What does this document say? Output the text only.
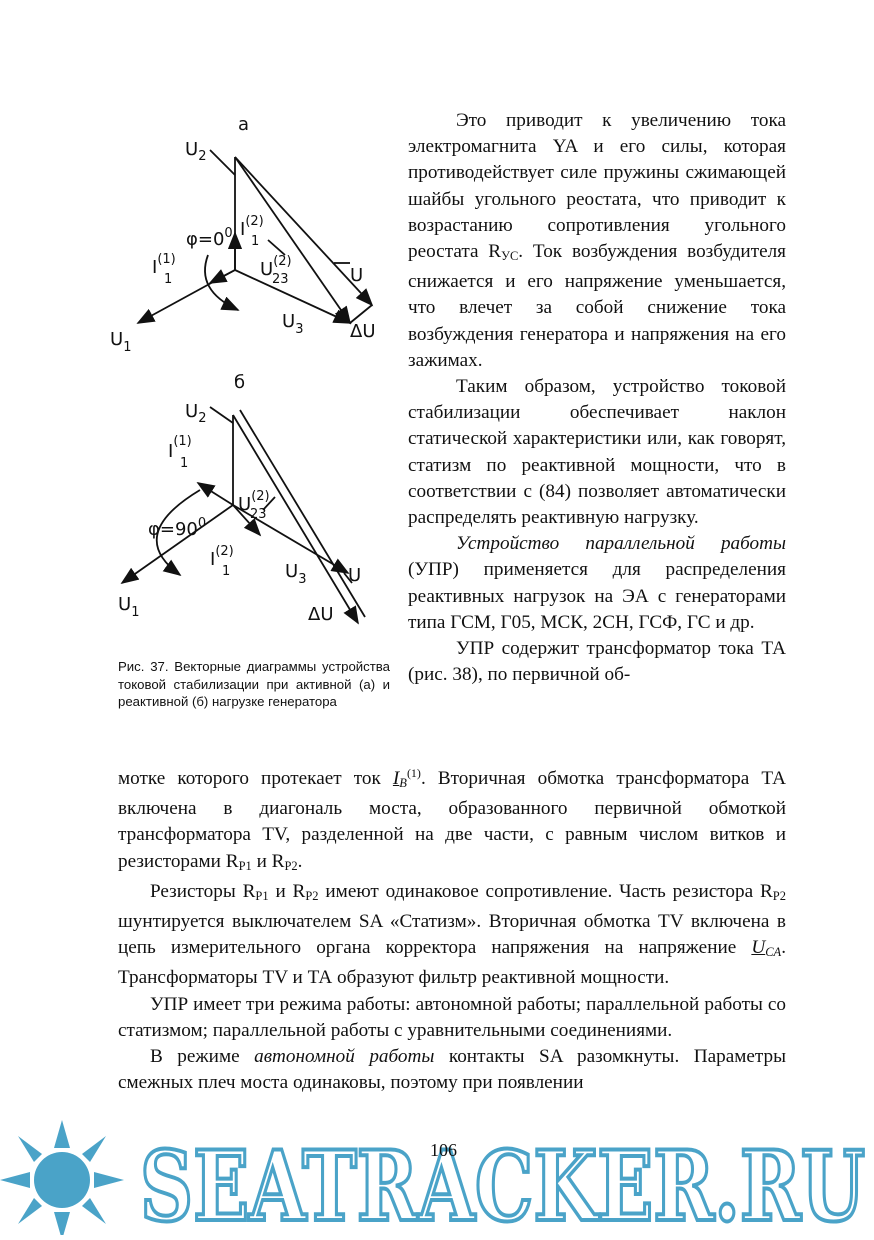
а
$U_2$
$\varphi=0^0$ $I^{(2)}$ 1
$I^{(1)}$ 1	$U^{(2)}$ 23	U
$U_3$	ΔU
$U_1$
б
$U_2$
$I^{(1)}$ 1
$U^{(2)}$ 23
$\varphi=90^0$
$I^{(2)}$ 1	$U_3$ U
ΔU
$U_1$
Рис. 37. Векторные диаграммы устройства токовой стабилизации при активной (а) и реактивной (б) нагрузке генератора

Это приводит к увеличению тока электромагнита YA и его силы, которая противодействует силе пружины сжимающей шайбы угольного реостата, что приводит к возрастанию сопротивления угольного реостата $R_{УС}$. Ток возбуждения возбудителя снижается и его напряжение уменьшается, что влечет за собой снижение тока возбуждения генератора и напряжения на его зажимах.

Таким образом, устройство токовой стабилизации обеспечивает наклон статической характеристики или, как говорят, статизм по реактивной мощности, что в соответствии с (84) позволяет автоматически распределять реактивную нагрузку.

Устройство параллельной работы (УПР) применяется для распределения реактивных нагрузок на ЭА с генераторами типа ГСМ, Г05, МСК, 2СН, ГСФ, ГС и др.

УПР содержит трансформатор тока ТА (рис. 38), по первичной об-

мотке которого протекает ток $I_B^{(1)}$. Вторичная обмотка трансформатора ТА включена в диагональ моста, образованного первичной обмоткой трансформатора TV, разделенной на две части, с равным числом витков и резисторами $R_{P1}$ и $R_{P2}$.

Резисторы $R_{P1}$ и $R_{P2}$ имеют одинаковое сопротивление. Часть резистора $R_{P2}$ шунтируется выключателем SA «Статизм». Вторичная обмотка TV включена в цепь измерительного органа корректора напряжения на напряжение $U_{CA}$. Трансформаторы TV и ТА образуют фильтр реактивной мощности.

УПР имеет три режима работы: автономной работы; параллельной работы со статизмом; параллельной работы с уравнительными соединениями.

В режиме автономной работы контакты SA разомкнуты. Параметры смежных плеч моста одинаковы, поэтому при появлении

SEATRACKER.RU
106
